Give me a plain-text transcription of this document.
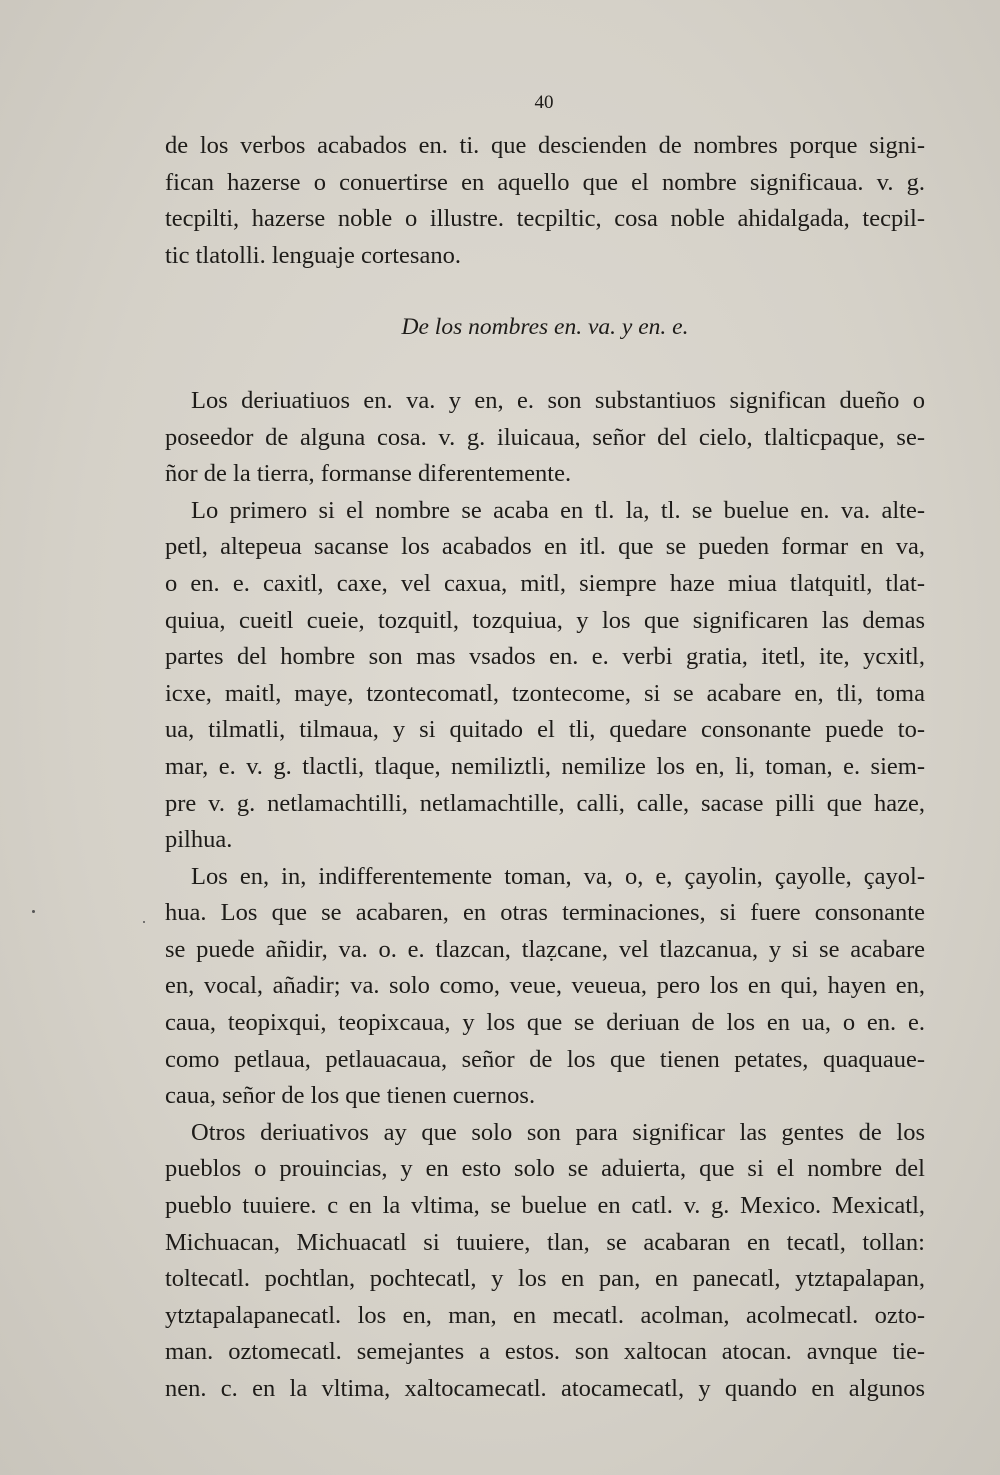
40

de los verbos acabados en. ti. que descienden de nombres porque signi-
fican hazerse o conuertirse en aquello que el nombre significaua. v. g.
tecpilti, hazerse noble o illustre. tecpiltic, cosa noble ahidalgada, tecpil-
tic tlatolli. lenguaje cortesano.

De los nombres en. va. y en. e.

Los deriuatiuos en. va. y en, e. son substantiuos significan dueño o
poseedor de alguna cosa. v. g. iluicaua, señor del cielo, tlalticpaque, se-
ñor de la tierra, formanse diferentemente.

Lo primero si el nombre se acaba en tl. la, tl. se buelue en. va. alte-
petl, altepeua sacanse los acabados en itl. que se pueden formar en va,
o en. e. caxitl, caxe, vel caxua, mitl, siempre haze miua tlatquitl, tlat-
quiua, cueitl cueie, tozquitl, tozquiua, y los que significaren las demas
partes del hombre son mas vsados en. e. verbi gratia, itetl, ite, ycxitl,
icxe, maitl, maye, tzontecomatl, tzontecome, si se acabare en, tli, toma
ua, tilmatli, tilmaua, y si quitado el tli, quedare consonante puede to-
mar, e. v. g. tlactli, tlaque, nemiliztli, nemilize los en, li, toman, e. siem-
pre v. g. netlamachtilli, netlamachtille, calli, calle, sacase pilli que haze,
pilhua.

Los en, in, indifferentemente toman, va, o, e, çayolin, çayolle, çayol-
hua. Los que se acabaren, en otras terminaciones, si fuere consonante
se puede añidir, va. o. e. tlazcan, tlaẓcane, vel tlazcanua, y si se acabare
en, vocal, añadir; va. solo como, veue, veueua, pero los en qui, hayen en,
caua, teopixqui, teopixcaua, y los que se deriuan de los en ua, o en. e.
como petlaua, petlauacaua, señor de los que tienen petates, quaquaue-
caua, señor de los que tienen cuernos.

Otros deriuativos ay que solo son para significar las gentes de los
pueblos o prouincias, y en esto solo se aduierta, que si el nombre del
pueblo tuuiere. c en la vltima, se buelue en catl. v. g. Mexico. Mexicatl,
Michuacan, Michuacatl si tuuiere, tlan, se acabaran en tecatl, tollan:
toltecatl. pochtlan, pochtecatl, y los en pan, en panecatl, ytztapalapan,
ytztapalapanecatl. los en, man, en mecatl. acolman, acolmecatl. ozto-
man. oztomecatl. semejantes a estos. son xaltocan atocan. avnque tie-
nen. c. en la vltima, xaltocamecatl. atocamecatl, y quando en algunos
